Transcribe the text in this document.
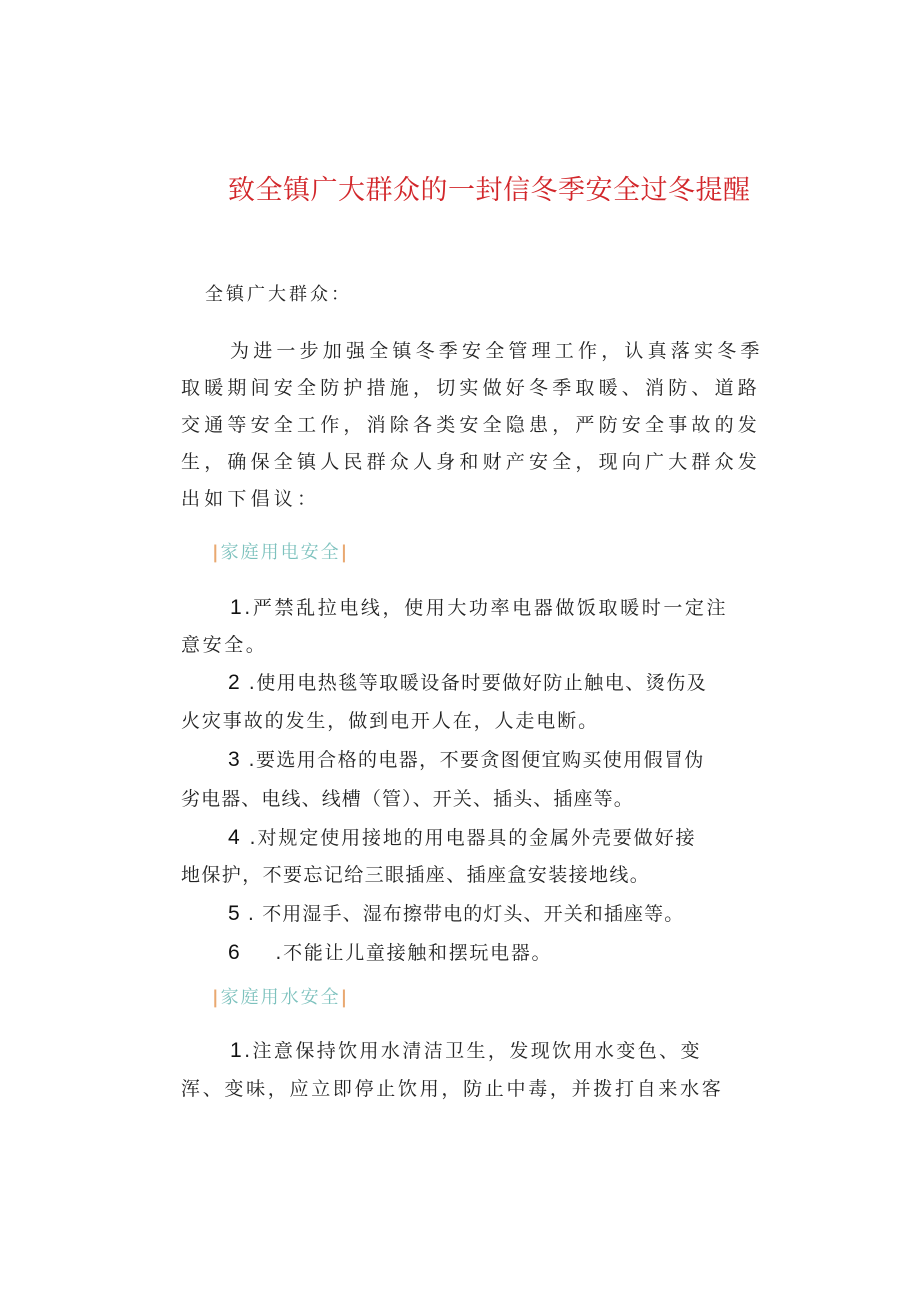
致全镇广大群众的一封信冬季安全过冬提醒
全镇广大群众：
为进一步加强全镇冬季安全管理工作，认真落实冬季
取暖期间安全防护措施，切实做好冬季取暖、消防、道路
交通等安全工作，消除各类安全隐患，严防安全事故的发
生，确保全镇人民群众人身和财产安全，现向广大群众发
出如下倡议：
|家庭用电安全|
1.严禁乱拉电线，使用大功率电器做饭取暖时一定注
意安全。
2 .使用电热毯等取暖设备时要做好防止触电、烫伤及
火灾事故的发生，做到电开人在，人走电断。
3 .要选用合格的电器，不要贪图便宜购买使用假冒伪
劣电器、电线、线槽（管）、开关、插头、插座等。
4 .对规定使用接地的用电器具的金属外壳要做好接
地保护，不要忘记给三眼插座、插座盒安装接地线。
5 . 不用湿手、湿布擦带电的灯头、开关和插座等。
6 .不能让儿童接触和摆玩电器。
|家庭用水安全|
1.注意保持饮用水清洁卫生，发现饮用水变色、变
浑、变味，应立即停止饮用，防止中毒，并拨打自来水客
